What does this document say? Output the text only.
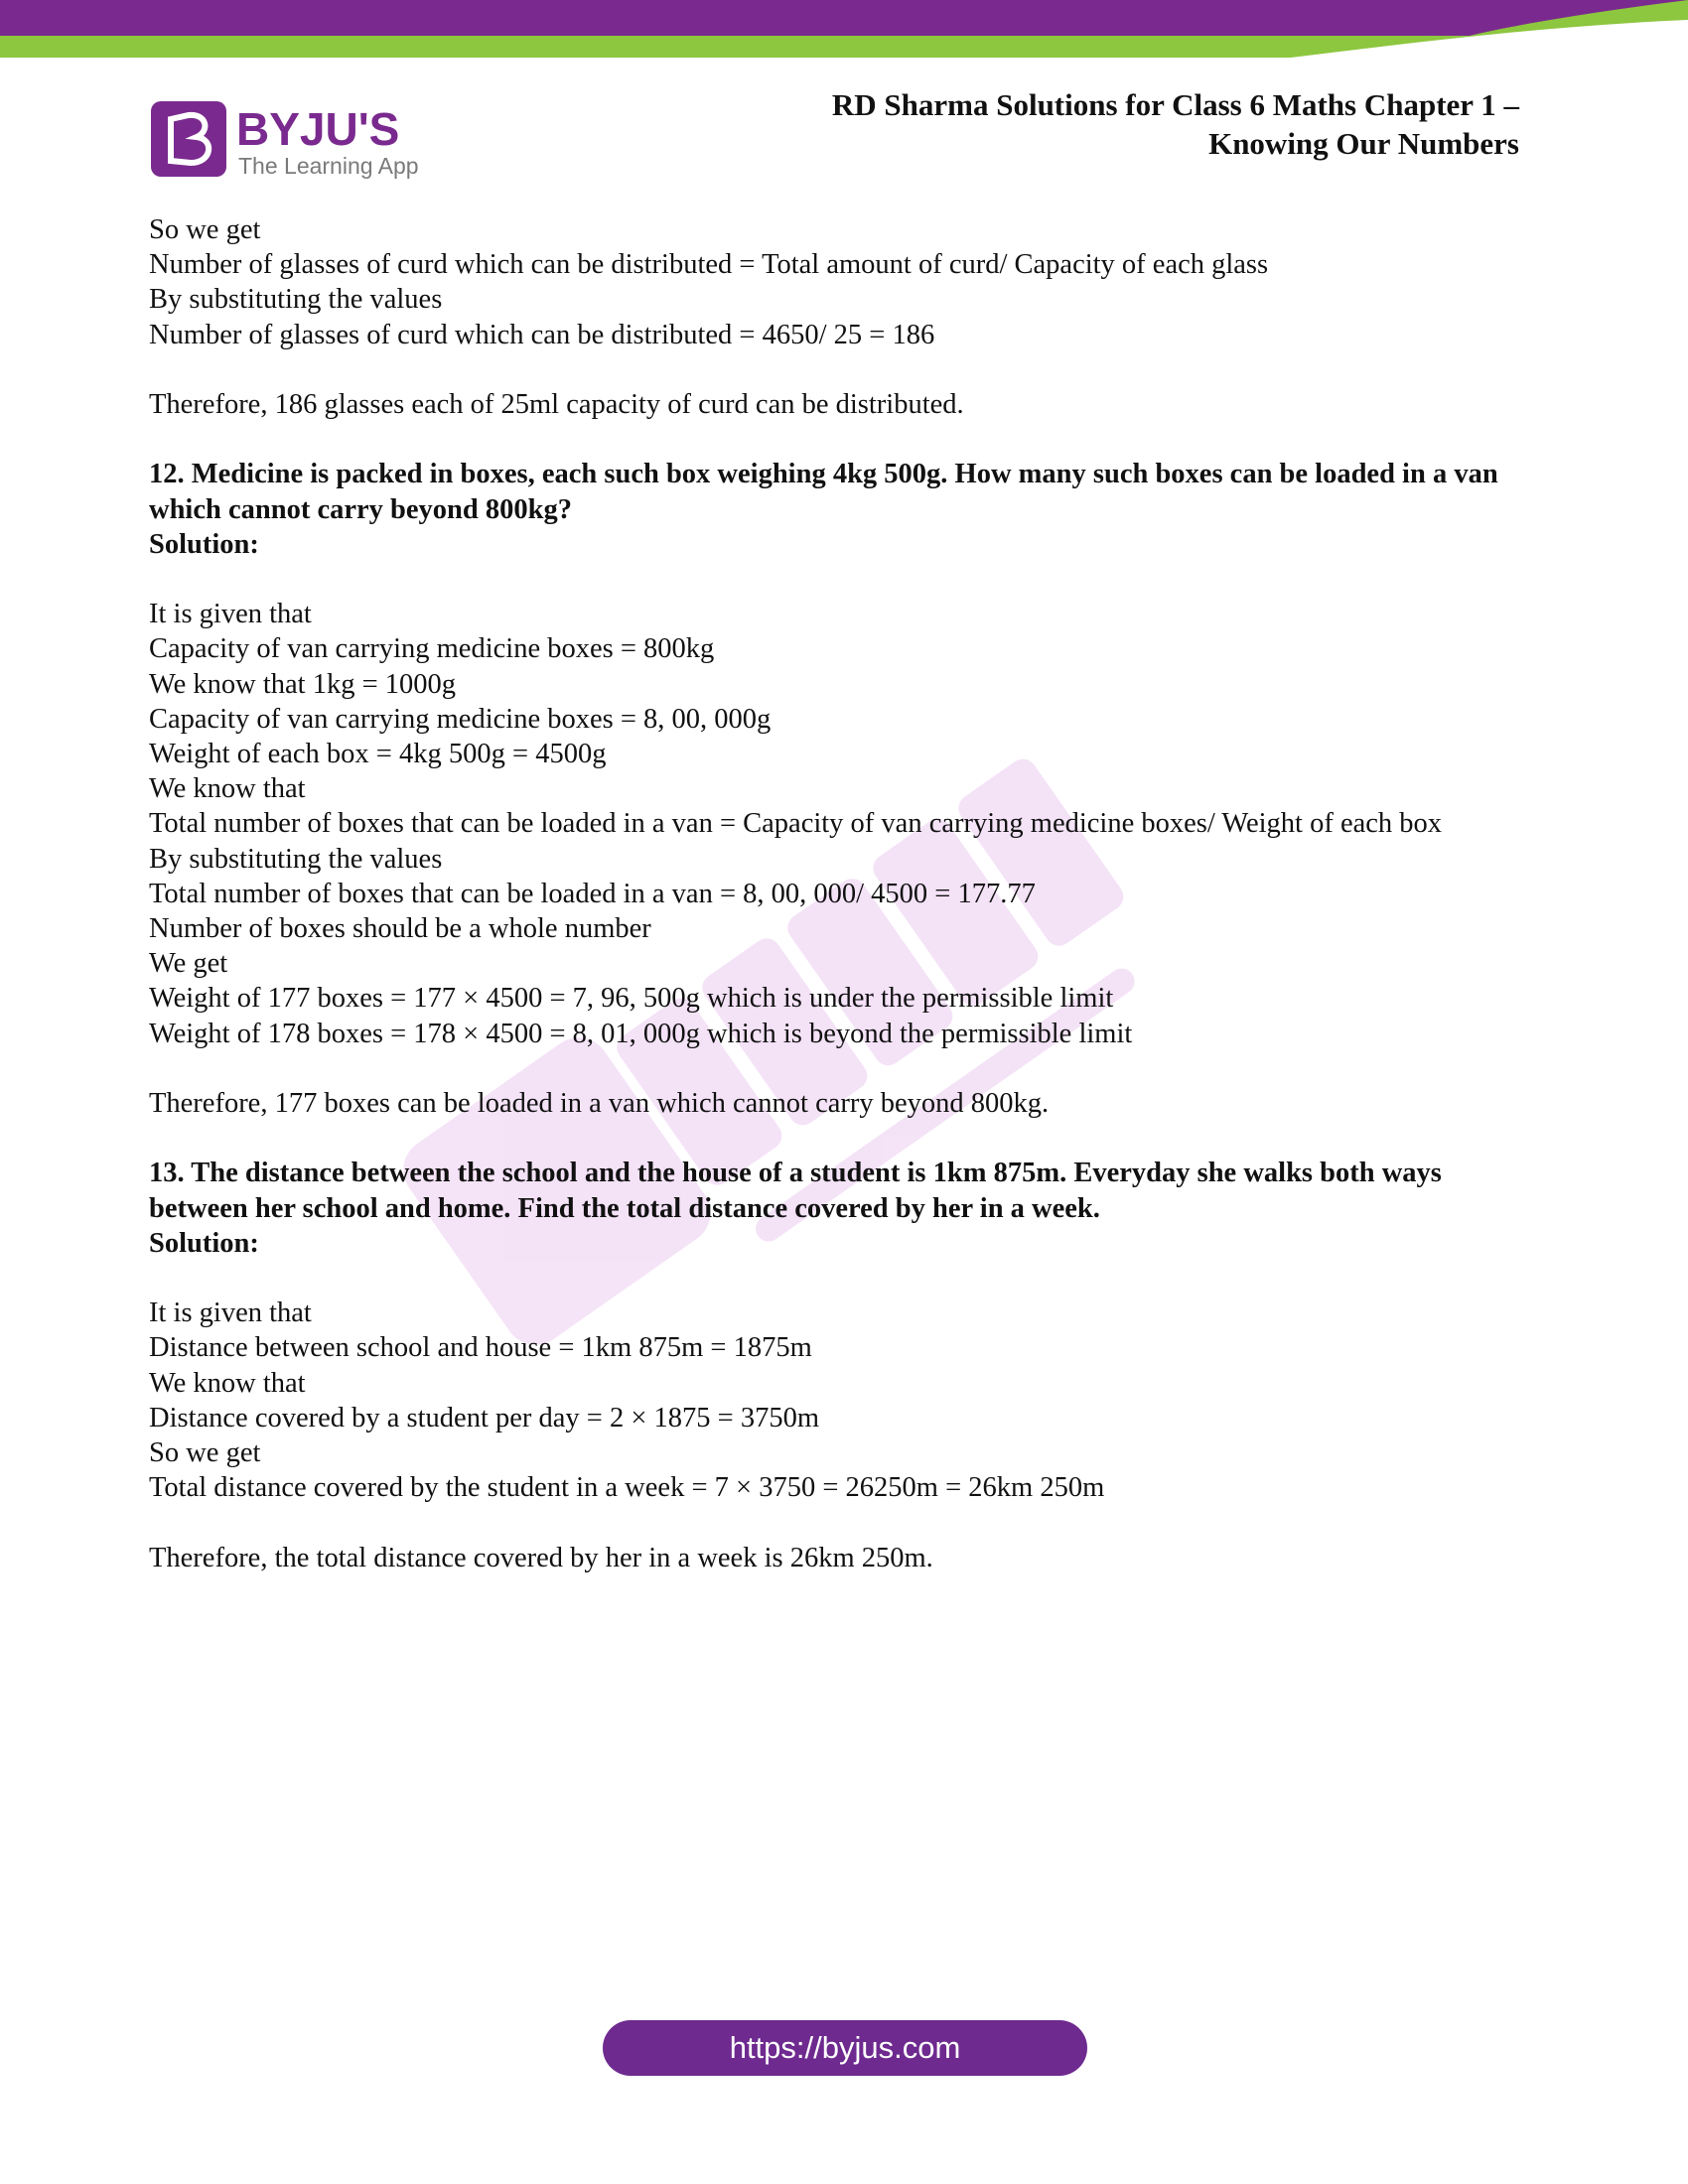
BYJU'S
The Learning App
RD Sharma Solutions for Class 6 Maths Chapter 1 –
Knowing Our Numbers

So we get

Number of glasses of curd which can be distributed = Total amount of curd/ Capacity of each glass

By substituting the values

Number of glasses of curd which can be distributed = 4650/ 25 = 186

Therefore, 186 glasses each of 25ml capacity of curd can be distributed.

12. Medicine is packed in boxes, each such box weighing 4kg 500g. How many such boxes can be loaded in a van which cannot carry beyond 800kg?

Solution:

It is given that

Capacity of van carrying medicine boxes = 800kg

We know that 1kg = 1000g

Capacity of van carrying medicine boxes = 8, 00, 000g

Weight of each box = 4kg 500g = 4500g

We know that

Total number of boxes that can be loaded in a van = Capacity of van carrying medicine boxes/ Weight of each box

By substituting the values

Total number of boxes that can be loaded in a van = 8, 00, 000/ 4500 = 177.77

Number of boxes should be a whole number

We get

Weight of 177 boxes = 177 × 4500 = 7, 96, 500g which is under the permissible limit

Weight of 178 boxes = 178 × 4500 = 8, 01, 000g which is beyond the permissible limit

Therefore, 177 boxes can be loaded in a van which cannot carry beyond 800kg.

13. The distance between the school and the house of a student is 1km 875m. Everyday she walks both ways between her school and home. Find the total distance covered by her in a week.

Solution:

It is given that

Distance between school and house = 1km 875m = 1875m

We know that

Distance covered by a student per day = 2 × 1875 = 3750m

So we get

Total distance covered by the student in a week = 7 × 3750 = 26250m = 26km 250m

Therefore, the total distance covered by her in a week is 26km 250m.

https://byjus.com
